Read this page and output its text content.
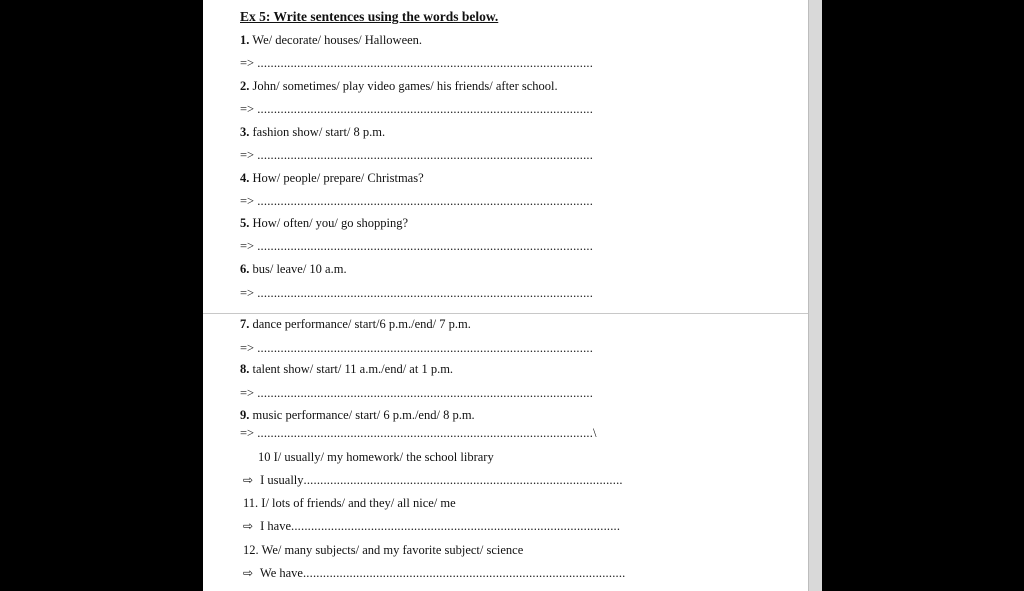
Ex 5: Write sentences using the words below.
1. We/ decorate/ houses/ Halloween.
=> .....................................................................................................
2. John/ sometimes/ play video games/ his friends/ after school.
=> .....................................................................................................
3. fashion show/ start/ 8 p.m.
=> .....................................................................................................
4. How/ people/ prepare/ Christmas?
=> .....................................................................................................
5. How/ often/ you/ go shopping?
=> .....................................................................................................
6. bus/ leave/ 10 a.m.
=> .....................................................................................................
7. dance performance/ start/6 p.m./end/ 7 p.m.
=> .....................................................................................................
8. talent show/ start/ 11 a.m./end/ at 1 p.m.
=> .....................................................................................................
9. music performance/ start/ 6 p.m./end/ 8 p.m.
=> .....................................................................................................\
10 I/ usually/ my homework/ the school library
⇨ I usually................................................................................................
11. I/ lots of friends/ and they/ all nice/ me
⇨ I have...................................................................................................
12. We/ many subjects/ and my favorite subject/ science
⇨ We have.................................................................................................
